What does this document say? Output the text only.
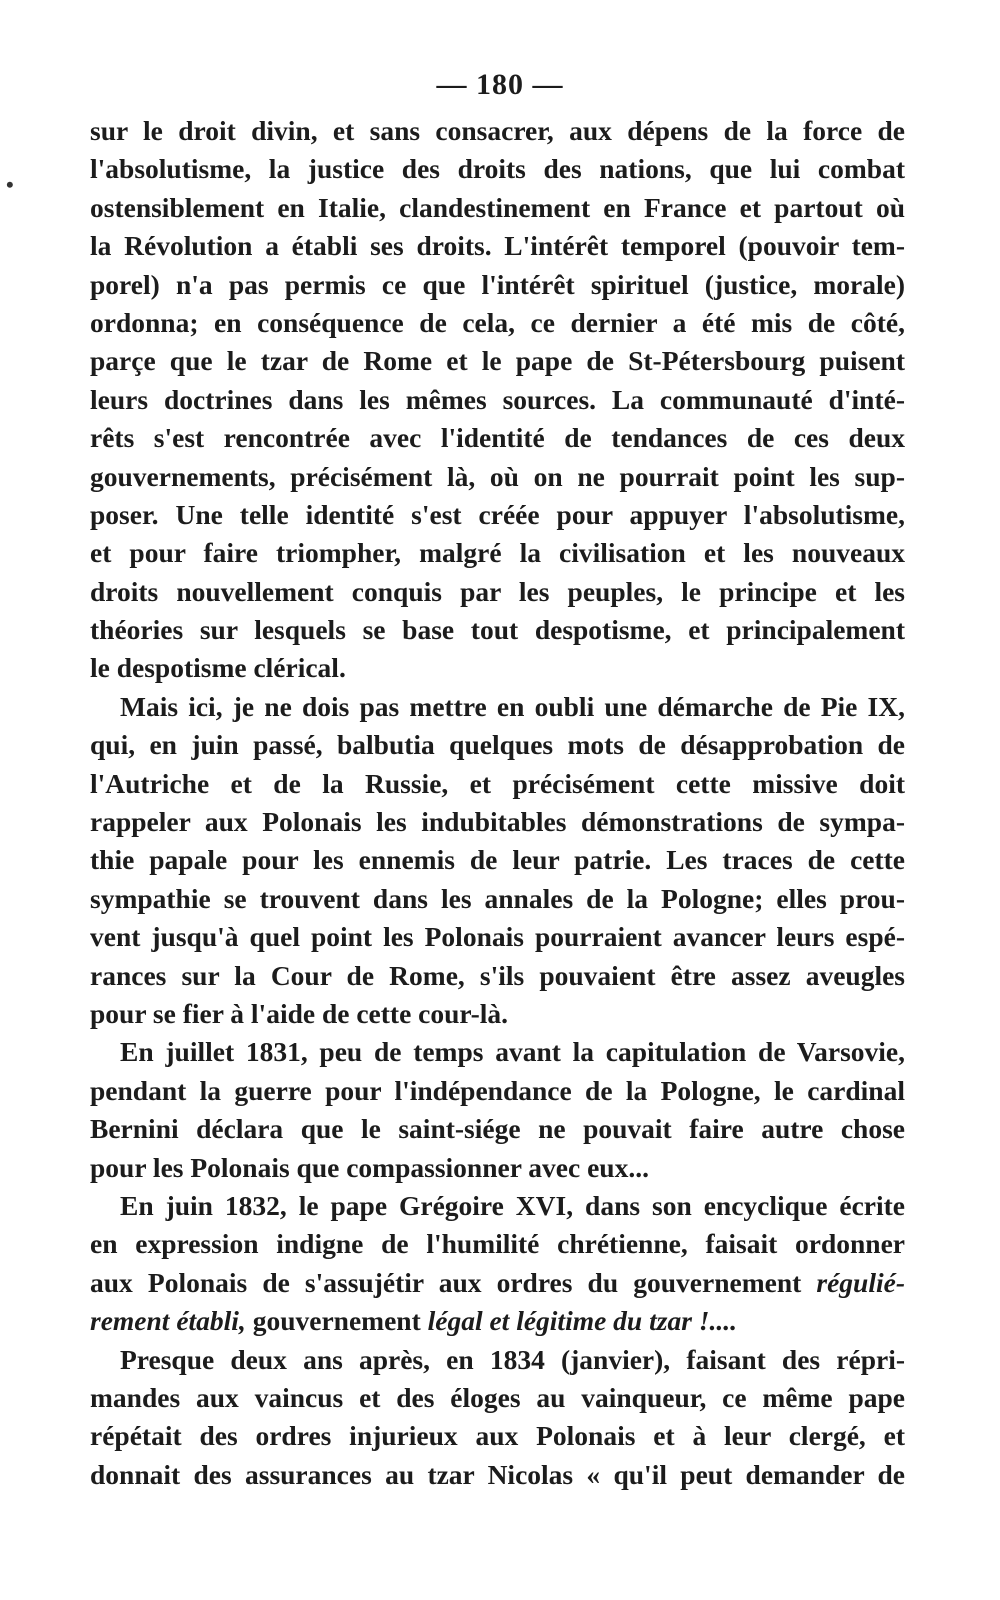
— 180 —
•
sur le droit divin, et sans consacrer, aux dépens de la force de
l'absolutisme, la justice des droits des nations, que lui combat
ostensiblement en Italie, clandestinement en France et partout où
la Révolution a établi ses droits. L'intérêt temporel (pouvoir tem-
porel) n'a pas permis ce que l'intérêt spirituel (justice, morale)
ordonna; en conséquence de cela, ce dernier a été mis de côté,
parçe que le tzar de Rome et le pape de St-Pétersbourg puisent
leurs doctrines dans les mêmes sources. La communauté d'inté-
rêts s'est rencontrée avec l'identité de tendances de ces deux
gouvernements, précisément là, où on ne pourrait point les sup-
poser. Une telle identité s'est créée pour appuyer l'absolutisme,
et pour faire triompher, malgré la civilisation et les nouveaux
droits nouvellement conquis par les peuples, le principe et les
théories sur lesquels se base tout despotisme, et principalement
le despotisme clérical.
Mais ici, je ne dois pas mettre en oubli une démarche de Pie IX,
qui, en juin passé, balbutia quelques mots de désapprobation de
l'Autriche et de la Russie, et précisément cette missive doit
rappeler aux Polonais les indubitables démonstrations de sympa-
thie papale pour les ennemis de leur patrie. Les traces de cette
sympathie se trouvent dans les annales de la Pologne; elles prou-
vent jusqu'à quel point les Polonais pourraient avancer leurs espé-
rances sur la Cour de Rome, s'ils pouvaient être assez aveugles
pour se fier à l'aide de cette cour-là.
En juillet 1831, peu de temps avant la capitulation de Varsovie,
pendant la guerre pour l'indépendance de la Pologne, le cardinal
Bernini déclara que le saint-siége ne pouvait faire autre chose
pour les Polonais que compassionner avec eux...
En juin 1832, le pape Grégoire XVI, dans son encyclique écrite
en expression indigne de l'humilité chrétienne, faisait ordonner
aux Polonais de s'assujétir aux ordres du gouvernement régulié-
rement établi, gouvernement légal et légitime du tzar !....
Presque deux ans après, en 1834 (janvier), faisant des répri-
mandes aux vaincus et des éloges au vainqueur, ce même pape
répétait des ordres injurieux aux Polonais et à leur clergé, et
donnait des assurances au tzar Nicolas « qu'il peut demander de
